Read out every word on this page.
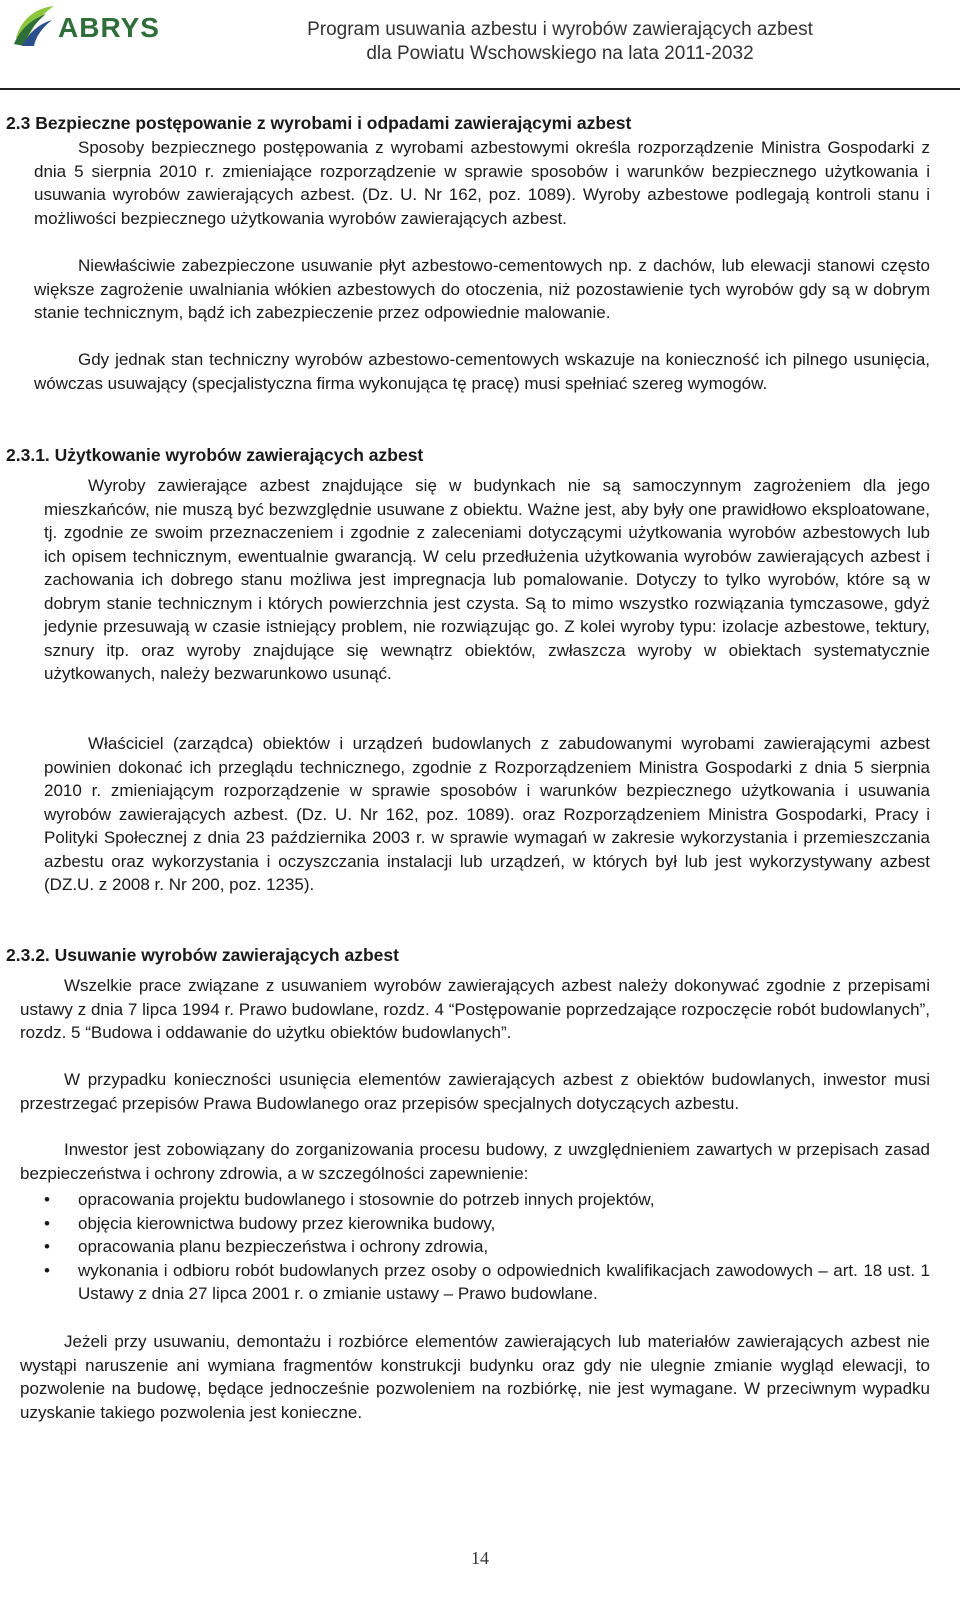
ABRYS	Program usuwania azbestu i wyrobów zawierających azbest
dla Powiatu Wschowskiego na lata 2011-2032
2.3 Bezpieczne postępowanie z wyrobami i odpadami zawierającymi azbest
Sposoby bezpiecznego postępowania z wyrobami azbestowymi określa rozporządzenie Ministra Gospodarki z dnia 5 sierpnia 2010 r. zmieniające rozporządzenie w sprawie sposobów i warunków bezpiecznego użytkowania i usuwania wyrobów zawierających azbest. (Dz. U. Nr 162, poz. 1089). Wyroby azbestowe podlegają kontroli stanu i możliwości bezpiecznego użytkowania wyrobów zawierających azbest.
Niewłaściwie zabezpieczone usuwanie płyt azbestowo-cementowych np. z dachów, lub elewacji stanowi często większe zagrożenie uwalniania włókien azbestowych do otoczenia, niż pozostawienie tych wyrobów gdy są w dobrym stanie technicznym, bądź ich zabezpieczenie przez odpowiednie malowanie.
Gdy jednak stan techniczny wyrobów azbestowo-cementowych wskazuje na konieczność ich pilnego usunięcia, wówczas usuwający (specjalistyczna firma wykonująca tę pracę) musi spełniać szereg wymogów.
2.3.1. Użytkowanie wyrobów zawierających azbest
Wyroby zawierające azbest znajdujące się w budynkach nie są samoczynnym zagrożeniem dla jego mieszkańców, nie muszą być bezwzględnie usuwane z obiektu. Ważne jest, aby były one prawidłowo eksploatowane, tj. zgodnie ze swoim przeznaczeniem i zgodnie z zaleceniami dotyczącymi użytkowania wyrobów azbestowych lub ich opisem technicznym, ewentualnie gwarancją. W celu przedłużenia użytkowania wyrobów zawierających azbest i zachowania ich dobrego stanu możliwa jest impregnacja lub pomalowanie. Dotyczy to tylko wyrobów, które są w dobrym stanie technicznym i których powierzchnia jest czysta. Są to mimo wszystko rozwiązania tymczasowe, gdyż jedynie przesuwają w czasie istniejący problem, nie rozwiązując go. Z kolei wyroby typu: izolacje azbestowe, tektury, sznury itp. oraz wyroby znajdujące się wewnątrz obiektów, zwłaszcza wyroby w obiektach systematycznie użytkowanych, należy bezwarunkowo usunąć.
Właściciel (zarządca) obiektów i urządzeń budowlanych z zabudowanymi wyrobami zawierającymi azbest powinien dokonać ich przeglądu technicznego, zgodnie z Rozporządzeniem Ministra Gospodarki z dnia 5 sierpnia 2010 r. zmieniającym rozporządzenie w sprawie sposobów i warunków bezpiecznego użytkowania i usuwania wyrobów zawierających azbest. (Dz. U. Nr 162, poz. 1089). oraz Rozporządzeniem Ministra Gospodarki, Pracy i Polityki Społecznej z dnia 23 października 2003 r. w sprawie wymagań w zakresie wykorzystania i przemieszczania azbestu oraz wykorzystania i oczyszczania instalacji lub urządzeń, w których był lub jest wykorzystywany azbest (DZ.U. z 2008 r. Nr 200, poz. 1235).
2.3.2. Usuwanie wyrobów zawierających azbest
Wszelkie prace związane z usuwaniem wyrobów zawierających azbest należy dokonywać zgodnie z przepisami ustawy z dnia 7 lipca 1994 r. Prawo budowlane, rozdz. 4 “Postępowanie poprzedzające rozpoczęcie robót budowlanych”, rozdz. 5 “Budowa i oddawanie do użytku obiektów budowlanych”.
W przypadku konieczności usunięcia elementów zawierających azbest z obiektów budowlanych, inwestor musi przestrzegać przepisów Prawa Budowlanego oraz przepisów specjalnych dotyczących azbestu.
Inwestor jest zobowiązany do zorganizowania procesu budowy, z uwzględnieniem zawartych w przepisach zasad bezpieczeństwa i ochrony zdrowia, a w szczególności zapewnienie:
• opracowania projektu budowlanego i stosownie do potrzeb innych projektów,
• objęcia kierownictwa budowy przez kierownika budowy,
• opracowania planu bezpieczeństwa i ochrony zdrowia,
• wykonania i odbioru robót budowlanych przez osoby o odpowiednich kwalifikacjach zawodowych – art. 18 ust. 1 Ustawy z dnia 27 lipca 2001 r. o zmianie ustawy – Prawo budowlane.
Jeżeli przy usuwaniu, demontażu i rozbiórce elementów zawierających lub materiałów zawierających azbest nie wystąpi naruszenie ani wymiana fragmentów konstrukcji budynku oraz gdy nie ulegnie zmianie wygląd elewacji, to pozwolenie na budowę, będące jednocześnie pozwoleniem na rozbiórkę, nie jest wymagane. W przeciwnym wypadku uzyskanie takiego pozwolenia jest konieczne.
14
